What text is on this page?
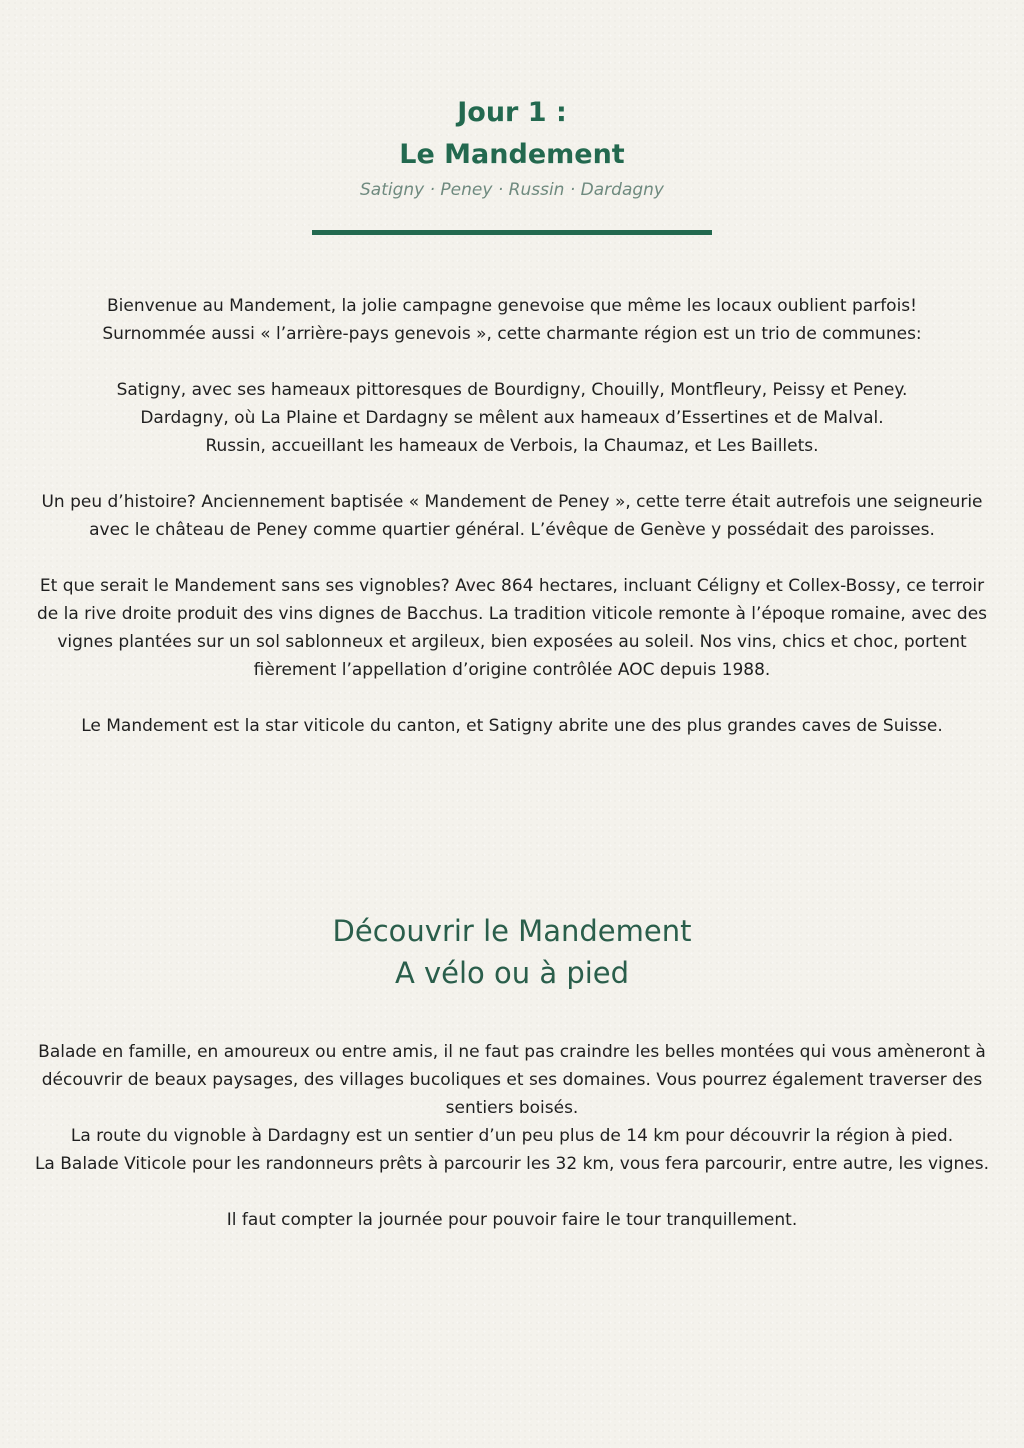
Jour 1 :
Le Mandement
Satigny · Peney · Russin · Dardagny

Bienvenue au Mandement, la jolie campagne genevoise que même les locaux oublient parfois!

Surnommée aussi « l’arrière-pays genevois », cette charmante région est un trio de communes:

Satigny, avec ses hameaux pittoresques de Bourdigny, Chouilly, Montfleury, Peissy et Peney.

Dardagny, où La Plaine et Dardagny se mêlent aux hameaux d’Essertines et de Malval.

Russin, accueillant les hameaux de Verbois, la Chaumaz, et Les Baillets.

Un peu d’histoire? Anciennement baptisée « Mandement de Peney », cette terre était autrefois une seigneurie avec le château de Peney comme quartier général. L’évêque de Genève y possédait des paroisses.

Et que serait le Mandement sans ses vignobles? Avec 864 hectares, incluant Céligny et Collex-Bossy, ce terroir de la rive droite produit des vins dignes de Bacchus. La tradition viticole remonte à l’époque romaine, avec des vignes plantées sur un sol sablonneux et argileux, bien exposées au soleil. Nos vins, chics et choc, portent fièrement l’appellation d’origine contrôlée AOC depuis 1988.

Le Mandement est la star viticole du canton, et Satigny abrite une des plus grandes caves de Suisse.

Découvrir le Mandement
A vélo ou à pied

Balade en famille, en amoureux ou entre amis, il ne faut pas craindre les belles montées qui vous amèneront à découvrir de beaux paysages, des villages bucoliques et ses domaines. Vous pourrez également traverser des sentiers boisés.

La route du vignoble à Dardagny est un sentier d’un peu plus de 14 km pour découvrir la région à pied.

La Balade Viticole pour les randonneurs prêts à parcourir les 32 km, vous fera parcourir, entre autre, les vignes.

Il faut compter la journée pour pouvoir faire le tour tranquillement.
